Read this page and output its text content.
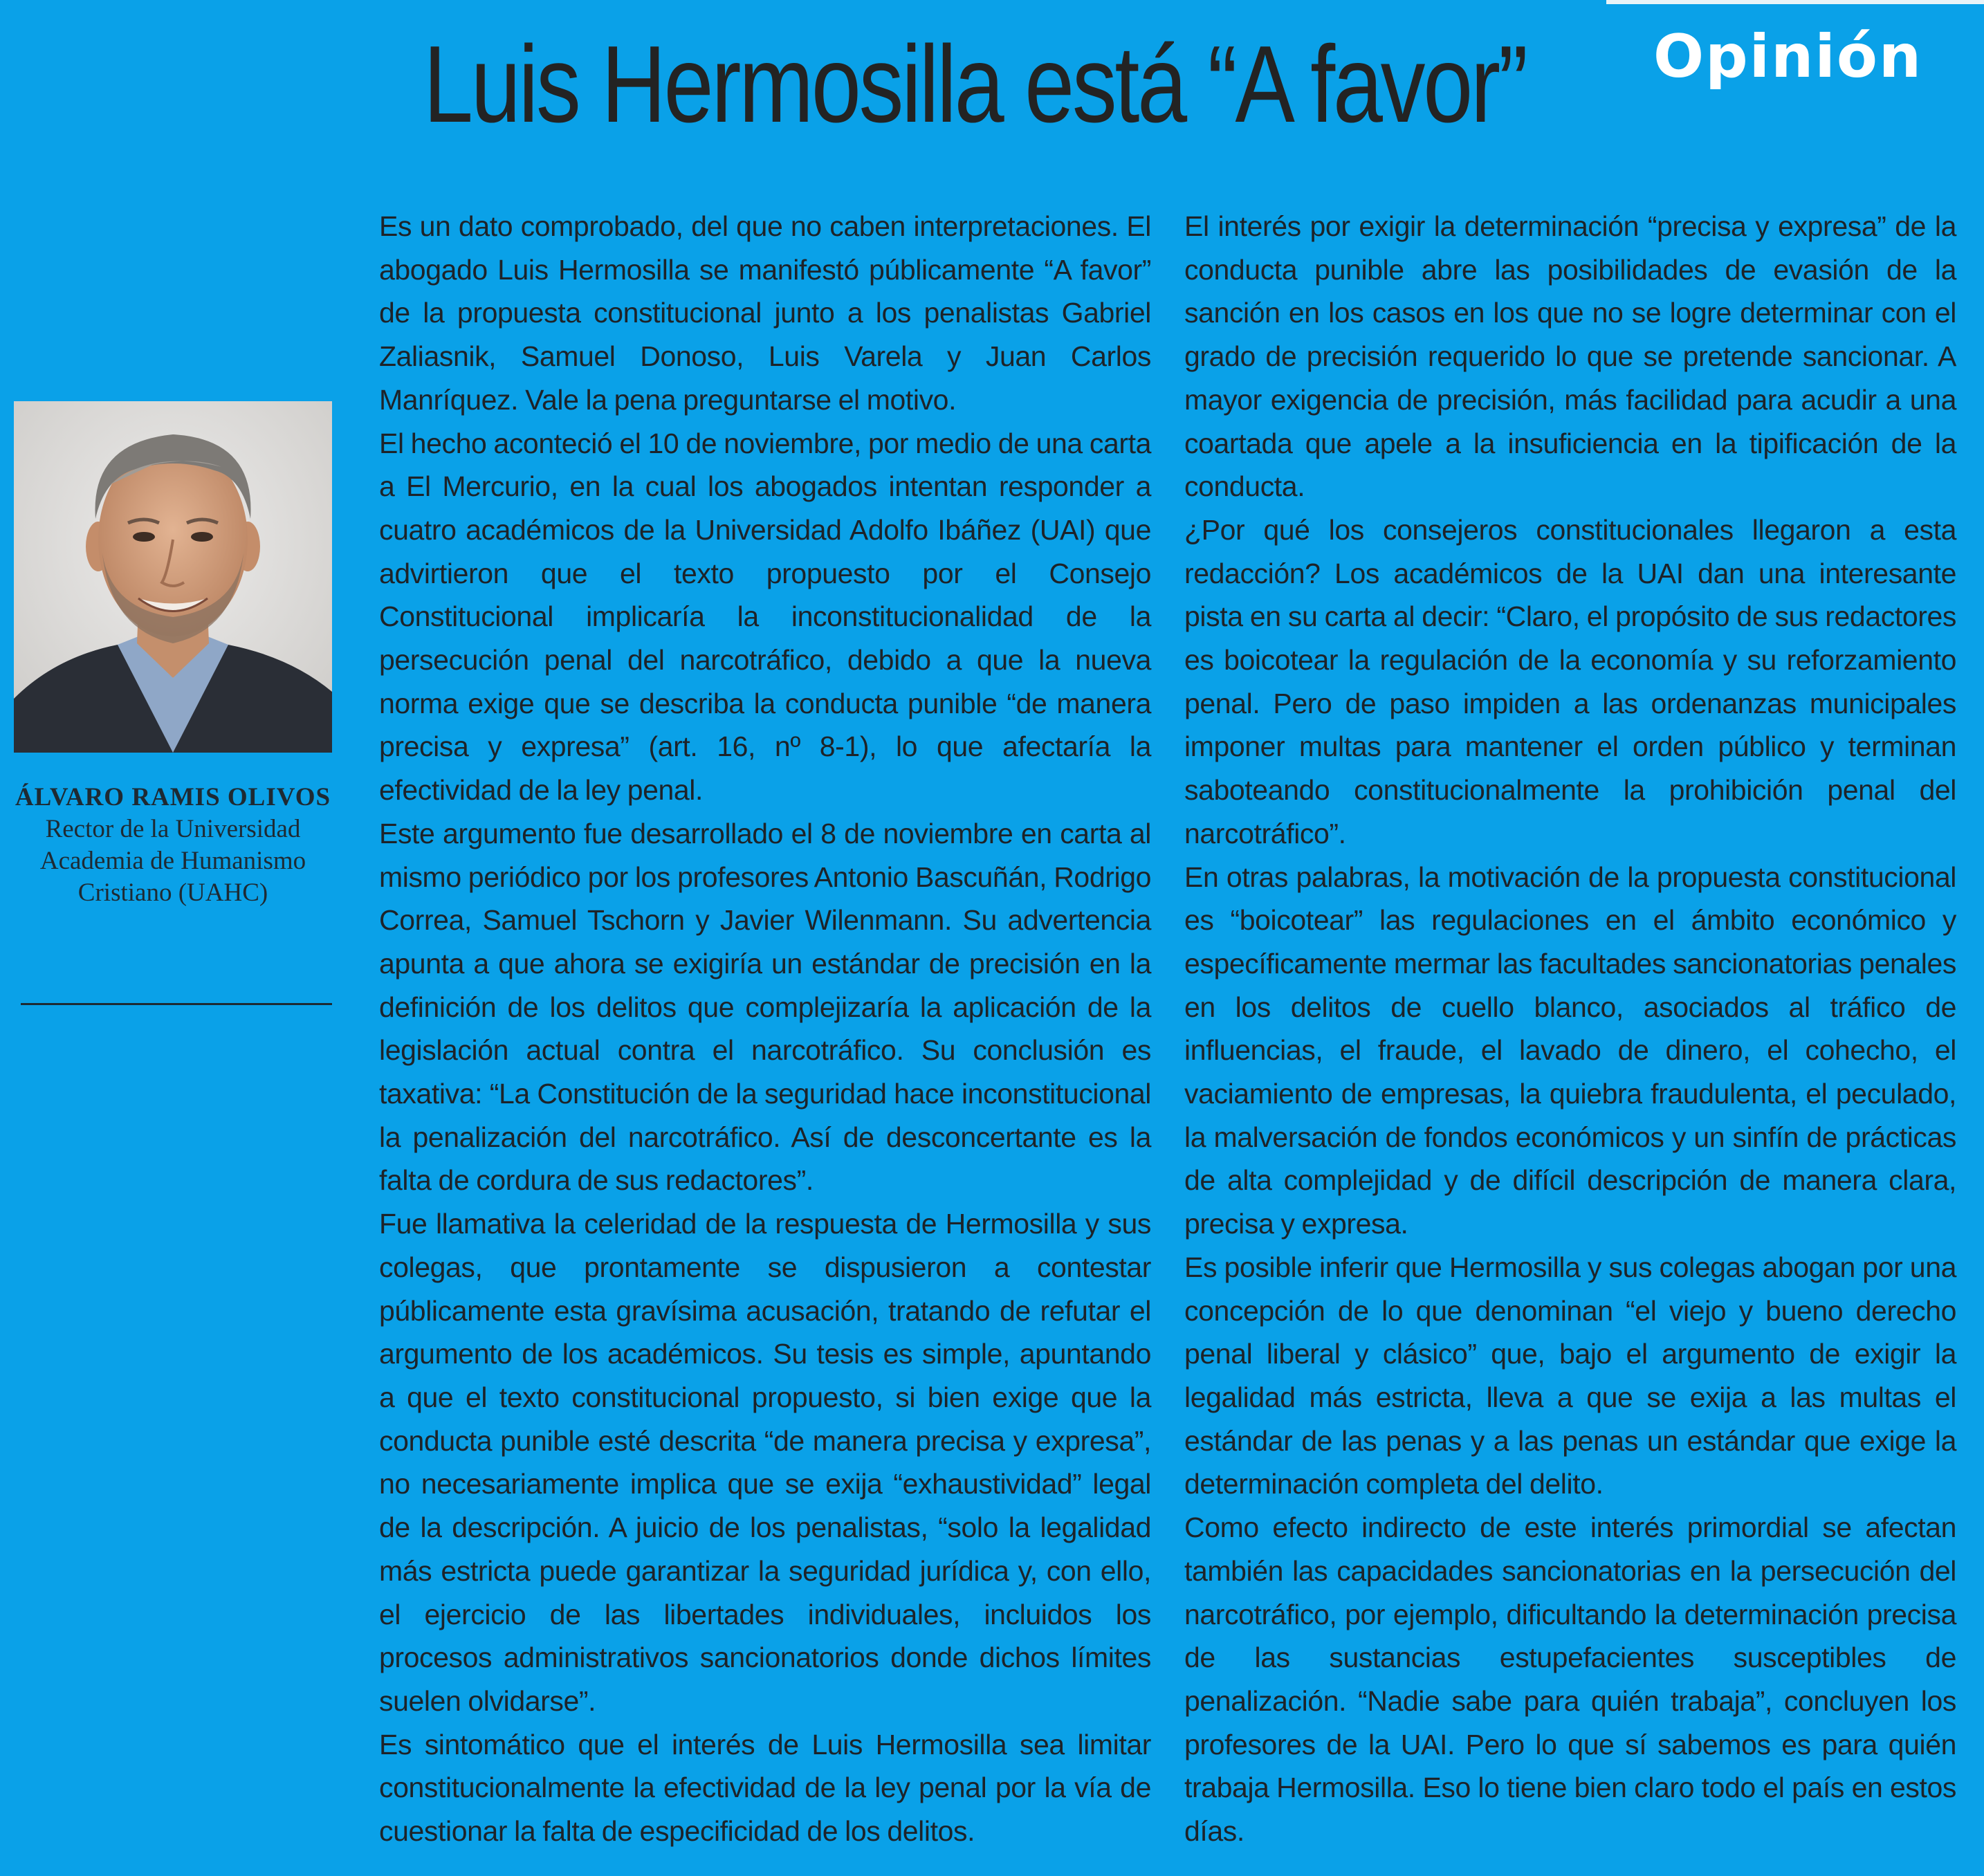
Opinión
Luis Hermosilla está “A favor”
ÁLVARO RAMIS OLIVOS
Rector de la Universidad
Academia de Humanismo
Cristiano (UAHC)

Es un dato comprobado, del que no caben interpretaciones. El abogado Luis Hermosilla se manifestó públicamente “A favor” de la propuesta constitucional junto a los penalistas Gabriel Zaliasnik, Samuel Donoso, Luis Varela y Juan Carlos Manríquez. Vale la pena preguntarse el motivo.

El hecho aconteció el 10 de noviembre, por medio de una carta a El Mercurio, en la cual los abogados intentan responder a cuatro académicos de la Universidad Adolfo Ibáñez (UAI) que advirtieron que el texto propuesto por el Consejo Constitucional implicaría la inconstitucionalidad de la persecución penal del narcotráfico, debido a que la nueva norma exige que se describa la conducta punible “de manera precisa y expresa” (art. 16, nº 8-1), lo que afectaría la efectividad de la ley penal.

Este argumento fue desarrollado el 8 de noviembre en carta al mismo periódico por los profesores Antonio Bascuñán, Rodrigo Correa, Samuel Tschorn y Javier Wilenmann. Su advertencia apunta a que ahora se exigiría un estándar de precisión en la definición de los delitos que complejizaría la aplicación de la legislación actual contra el narcotráfico. Su conclusión es taxativa: “La Constitución de la seguridad hace inconstitucional la penalización del narcotráfico. Así de desconcertante es la falta de cordura de sus redactores”.

Fue llamativa la celeridad de la respuesta de Hermosilla y sus colegas, que prontamente se dispusieron a contestar públicamente esta gravísima acusación, tratando de refutar el argumento de los académicos. Su tesis es simple, apuntando a que el texto constitucional propuesto, si bien exige que la conducta punible esté descrita “de manera precisa y expresa”, no necesariamente implica que se exija “exhaustividad” legal de la descripción. A juicio de los penalistas, “solo la legalidad más estricta puede garantizar la seguridad jurídica y, con ello, el ejercicio de las libertades individuales, incluidos los procesos administrativos sancionatorios donde dichos límites suelen olvidarse”.

Es sintomático que el interés de Luis Hermosilla sea limitar constitucionalmente la efectividad de la ley penal por la vía de cuestionar la falta de especificidad de los delitos.

El interés por exigir la determinación “precisa y expresa” de la conducta punible abre las posibilidades de evasión de la sanción en los casos en los que no se logre determinar con el grado de precisión requerido lo que se pretende sancionar. A mayor exigencia de precisión, más facilidad para acudir a una coartada que apele a la insuficiencia en la tipificación de la conducta.

¿Por qué los consejeros constitucionales llegaron a esta redacción? Los académicos de la UAI dan una interesante pista en su carta al decir: “Claro, el propósito de sus redactores es boicotear la regulación de la economía y su reforzamiento penal. Pero de paso impiden a las ordenanzas municipales imponer multas para mantener el orden público y terminan saboteando constitucionalmente la prohibición penal del narcotráfico”.

En otras palabras, la motivación de la propuesta constitucional es “boicotear” las regulaciones en el ámbito económico y específicamente mermar las facultades sancionatorias penales en los delitos de cuello blanco, asociados al tráfico de influencias, el fraude, el lavado de dinero, el cohecho, el vaciamiento de empresas, la quiebra fraudulenta, el peculado, la malversación de fondos económicos y un sinfín de prácticas de alta complejidad y de difícil descripción de manera clara, precisa y expresa.

Es posible inferir que Hermosilla y sus colegas abogan por una concepción de lo que denominan “el viejo y bueno derecho penal liberal y clásico” que, bajo el argumento de exigir la legalidad más estricta, lleva a que se exija a las multas el estándar de las penas y a las penas un estándar que exige la determinación completa del delito.

Como efecto indirecto de este interés primordial se afectan también las capacidades sancionatorias en la persecución del narcotráfico, por ejemplo, dificultando la determinación precisa de las sustancias estupefacientes susceptibles de penalización. “Nadie sabe para quién trabaja”, concluyen los profesores de la UAI. Pero lo que sí sabemos es para quién trabaja Hermosilla. Eso lo tiene bien claro todo el país en estos días.
